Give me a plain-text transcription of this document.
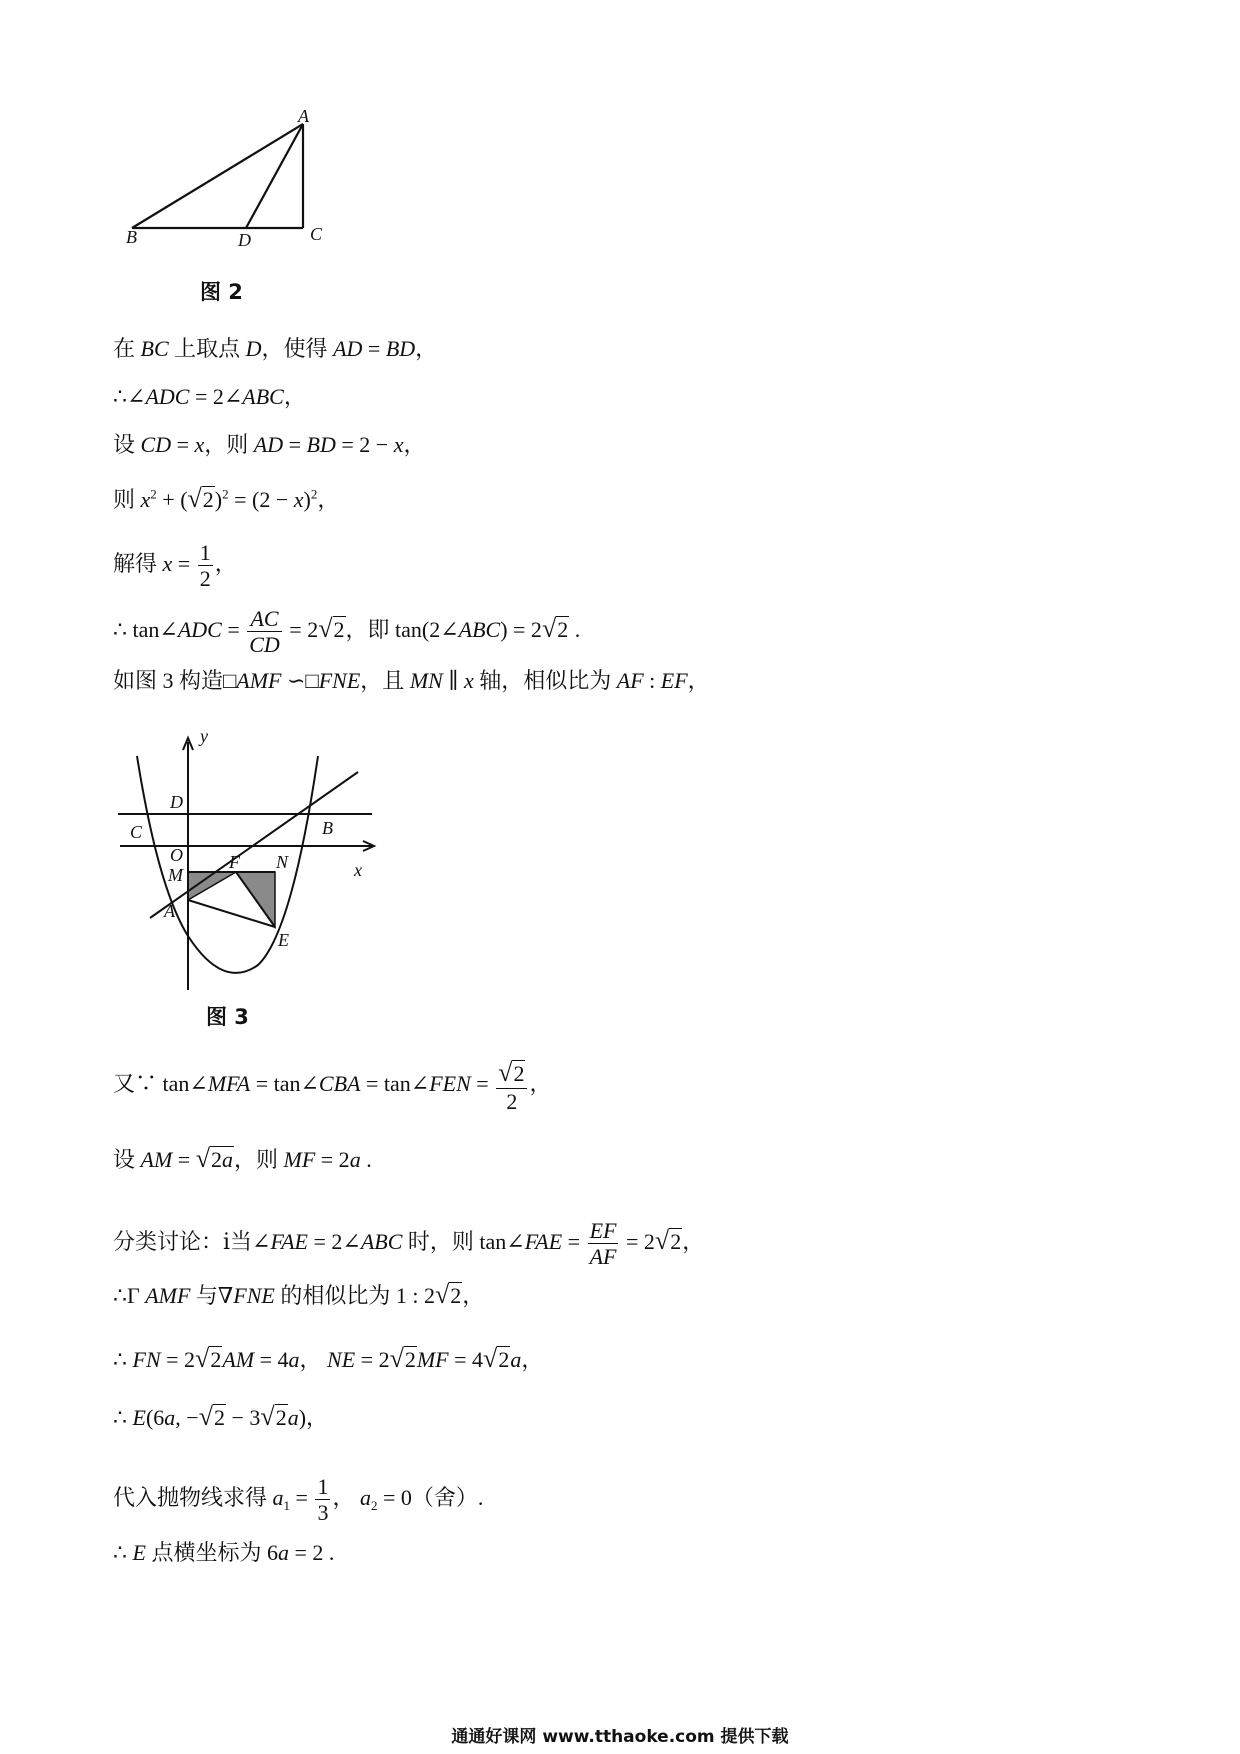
A
B	D	C
图 2
在 BC 上取点 D，使得 AD = BD，
∴∠ADC = 2∠ABC，
设 CD = x，则 AD = BD = 2 − x，
则 $x^2 + (√2)^2 = (2 - x)^2$，
解得 $x = \frac{1}{2}$ ，
∴ tan∠ADC = $\frac{AC}{CD} = 2√2$，即 tan(2∠ABC) = 2√2 .
如图 3 构造□AMF ∽□FNE，且 MN ∥ x 轴，相似比为 AF : EF，
y
x
D
C	B
O	F N
M
A
E
图 3
又∵ tan∠MFA = tan∠CBA = tan∠FEN = $\frac{√2}{2}$ ，
设 AM = √2a，则 MF = 2a .
分类讨论：ⅰ当∠FAE = 2∠ABC 时，则 tan∠FAE = $\frac{EF}{AF} = 2√2$，
∴Γ AMF 与∇FNE 的相似比为 1 : 2√2，
∴ FN = 2√2AM = 4a， NE = 2√2MF = 4√2a，
∴ E(6a, −√2 − 3√2a)，
代入抛物线求得 $a_1 = \frac{1}{3}$ ， $a_2 = 0$（舍）.
∴ E 点横坐标为 6a = 2 .
通通好课网 www.tthaoke.com 提供下载
